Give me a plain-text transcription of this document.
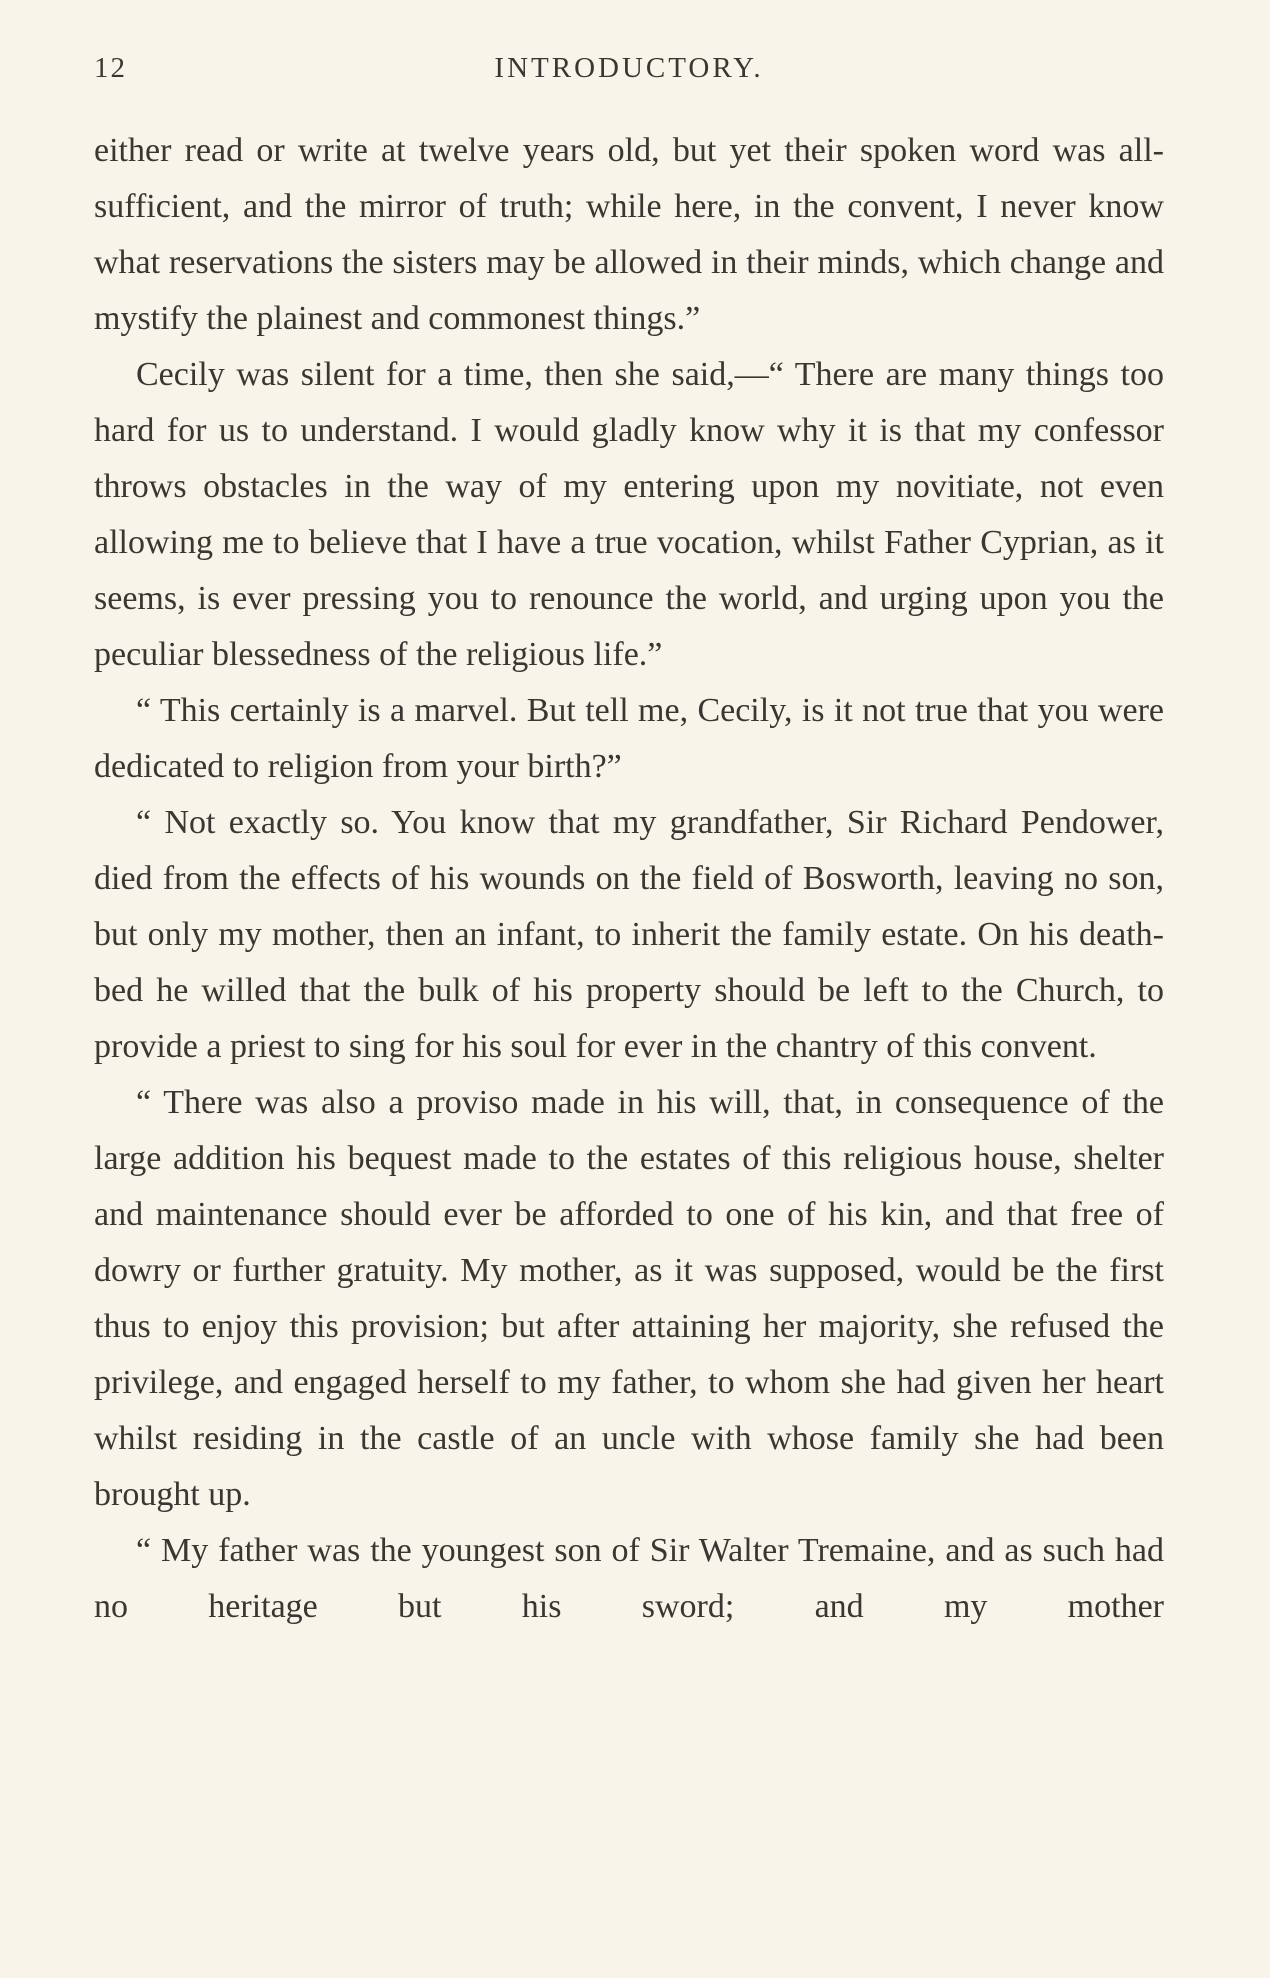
12	INTRODUCTORY.

either read or write at twelve years old, but yet their spoken word was all-sufficient, and the mirror of truth; while here, in the convent, I never know what reservations the sisters may be allowed in their minds, which change and mystify the plainest and commonest things.”

Cecily was silent for a time, then she said,—“ There are many things too hard for us to understand. I would gladly know why it is that my confessor throws obstacles in the way of my entering upon my novitiate, not even allowing me to believe that I have a true vocation, whilst Father Cyprian, as it seems, is ever pressing you to renounce the world, and urging upon you the peculiar blessedness of the religious life.”

“ This certainly is a marvel. But tell me, Cecily, is it not true that you were dedicated to religion from your birth?”

“ Not exactly so. You know that my grandfather, Sir Richard Pendower, died from the effects of his wounds on the field of Bosworth, leaving no son, but only my mother, then an infant, to inherit the family estate. On his death-bed he willed that the bulk of his property should be left to the Church, to provide a priest to sing for his soul for ever in the chantry of this convent.

“ There was also a proviso made in his will, that, in consequence of the large addition his bequest made to the estates of this religious house, shelter and maintenance should ever be afforded to one of his kin, and that free of dowry or further gratuity. My mother, as it was supposed, would be the first thus to enjoy this provision; but after attaining her majority, she refused the privilege, and engaged herself to my father, to whom she had given her heart whilst residing in the castle of an uncle with whose family she had been brought up.

“ My father was the youngest son of Sir Walter Tremaine, and as such had no heritage but his sword; and my mother
